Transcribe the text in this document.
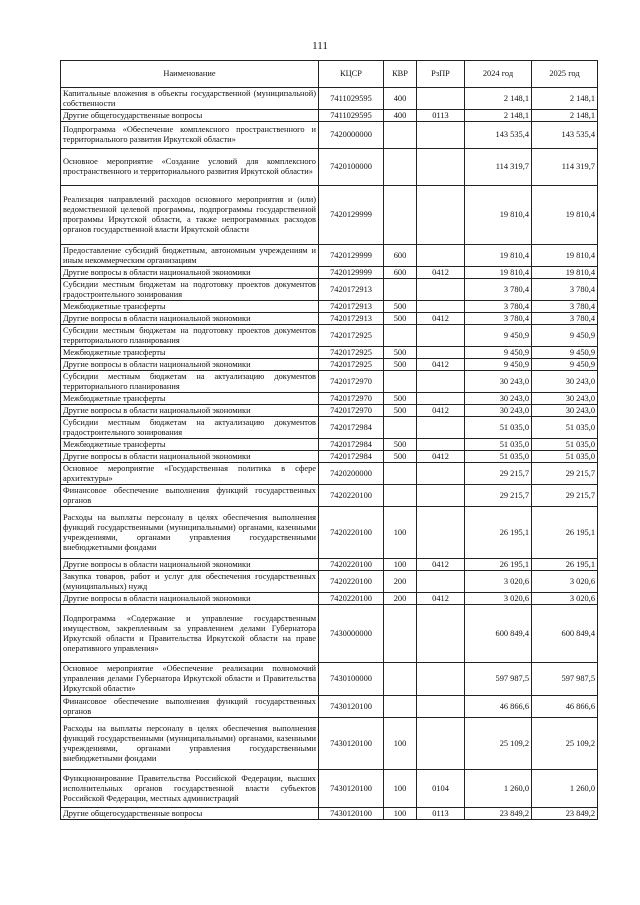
111
Наименование	КЦСР	КВР	РзПР	2024 год	2025 год
Капитальные вложения в объекты государственной (муниципальной) собственности	7411029595	400		2 148,1	2 148,1
Другие общегосударственные вопросы	7411029595	400	0113	2 148,1	2 148,1
Подпрограмма «Обеспечение комплексного пространственного и территориального развития Иркутской области»	7420000000			143 535,4	143 535,4
Основное мероприятие «Создание условий для комплексного пространственного и территориального развития Иркутской области»	7420100000			114 319,7	114 319,7
Реализация направлений расходов основного мероприятия и (или) ведомственной целевой программы, подпрограммы государственной программы Иркутской области, а также непрограммных расходов органов государственной власти Иркутской области	7420129999			19 810,4	19 810,4
Предоставление субсидий бюджетным, автономным учреждениям и иным некоммерческим организациям	7420129999	600		19 810,4	19 810,4
Другие вопросы в области национальной экономики	7420129999	600	0412	19 810,4	19 810,4
Субсидии местным бюджетам на подготовку проектов документов градостроительного зонирования	7420172913			3 780,4	3 780,4
Межбюджетные трансферты	7420172913	500		3 780,4	3 780,4
Другие вопросы в области национальной экономики	7420172913	500	0412	3 780,4	3 780,4
Субсидии местным бюджетам на подготовку проектов документов территориального планирования	7420172925			9 450,9	9 450,9
Межбюджетные трансферты	7420172925	500		9 450,9	9 450,9
Другие вопросы в области национальной экономики	7420172925	500	0412	9 450,9	9 450,9
Субсидии местным бюджетам на актуализацию документов территориального планирования	7420172970			30 243,0	30 243,0
Межбюджетные трансферты	7420172970	500		30 243,0	30 243,0
Другие вопросы в области национальной экономики	7420172970	500	0412	30 243,0	30 243,0
Субсидии местным бюджетам на актуализацию документов градостроительного зонирования	7420172984			51 035,0	51 035,0
Межбюджетные трансферты	7420172984	500		51 035,0	51 035,0
Другие вопросы в области национальной экономики	7420172984	500	0412	51 035,0	51 035,0
Основное мероприятие «Государственная политика в сфере архитектуры»	7420200000			29 215,7	29 215,7
Финансовое обеспечение выполнения функций государственных органов	7420220100			29 215,7	29 215,7
Расходы на выплаты персоналу в целях обеспечения выполнения функций государственными (муниципальными) органами, казенными учреждениями, органами управления государственными внебюджетными фондами	7420220100	100		26 195,1	26 195,1
Другие вопросы в области национальной экономики	7420220100	100	0412	26 195,1	26 195,1
Закупка товаров, работ и услуг для обеспечения государственных (муниципальных) нужд	7420220100	200		3 020,6	3 020,6
Другие вопросы в области национальной экономики	7420220100	200	0412	3 020,6	3 020,6
Подпрограмма «Содержание и управление государственным имуществом, закрепленным за управлением делами Губернатора Иркутской области и Правительства Иркутской области на праве оперативного управления»	7430000000			600 849,4	600 849,4
Основное мероприятие «Обеспечение реализации полномочий управления делами Губернатора Иркутской области и Правительства Иркутской области»	7430100000			597 987,5	597 987,5
Финансовое обеспечение выполнения функций государственных органов	7430120100			46 866,6	46 866,6
Расходы на выплаты персоналу в целях обеспечения выполнения функций государственными (муниципальными) органами, казенными учреждениями, органами управления государственными внебюджетными фондами	7430120100	100		25 109,2	25 109,2
Функционирование Правительства Российской Федерации, высших исполнительных органов государственной власти субъектов Российской Федерации, местных администраций	7430120100	100	0104	1 260,0	1 260,0
Другие общегосударственные вопросы	7430120100	100	0113	23 849,2	23 849,2
